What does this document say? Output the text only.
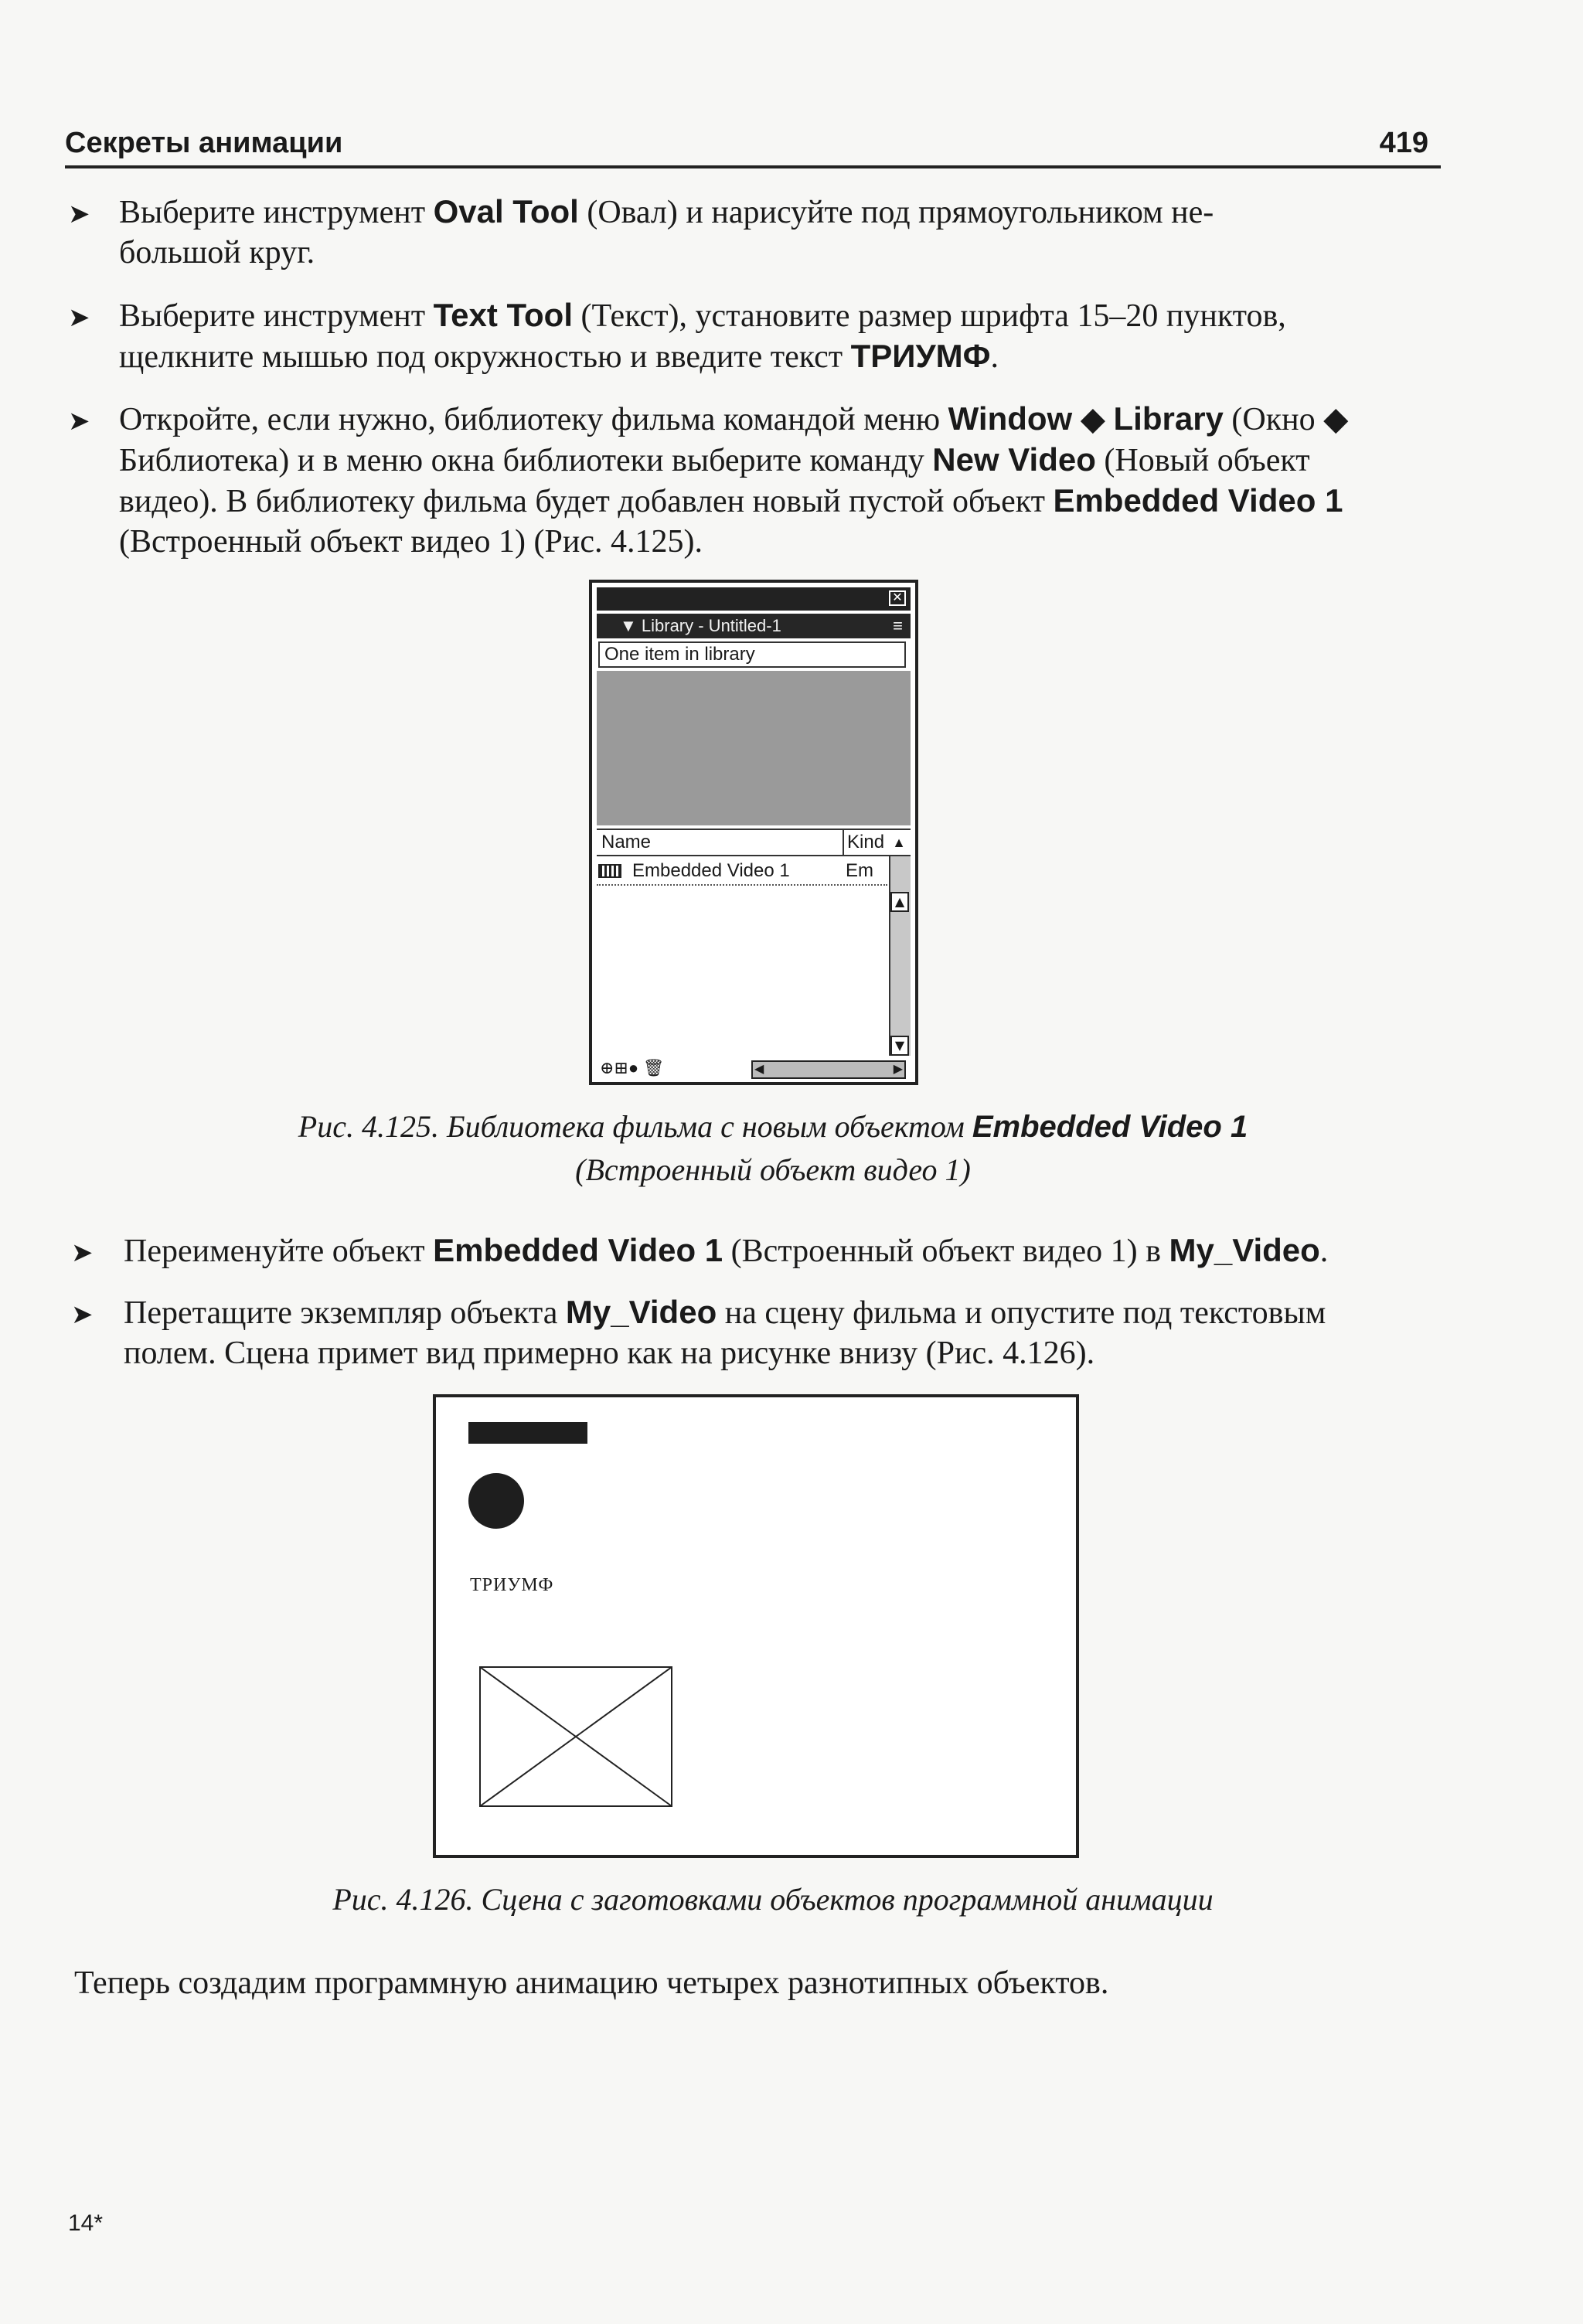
Секреты анимации	419
➤ Выберите инструмент Oval Tool (Овал) и нарисуйте под прямоугольником не-
большой круг.
➤ Выберите инструмент Text Tool (Текст), установите размер шрифта 15–20 пунктов,
щелкните мышью под окружностью и введите текст ТРИУМФ.
➤ Откройте, если нужно, библиотеку фильма командой меню Window ◆ Library (Окно ◆
Библиотека) и в меню окна библиотеки выберите команду New Video (Новый объект
видео). В библиотеку фильма будет добавлен новый пустой объект Embedded Video 1
(Встроенный объект видео 1) (Рис. 4.125).
✕
▼ Library - Untitled-1	≡
One item in library
Name	Kind ▲
Embedded Video 1	Em
▲
▼
⊕⊞● 🗑	◀	▶
Рис. 4.125. Библиотека фильма с новым объектом Embedded Video 1
(Встроенный объект видео 1)
➤ Переименуйте объект Embedded Video 1 (Встроенный объект видео 1) в My_Video.
➤ Перетащите экземпляр объекта My_Video на сцену фильма и опустите под текстовым
полем. Сцена примет вид примерно как на рисунке внизу (Рис. 4.126).
ТРИУМФ
Рис. 4.126. Сцена с заготовками объектов программной анимации
Теперь создадим программную анимацию четырех разнотипных объектов.
14*
